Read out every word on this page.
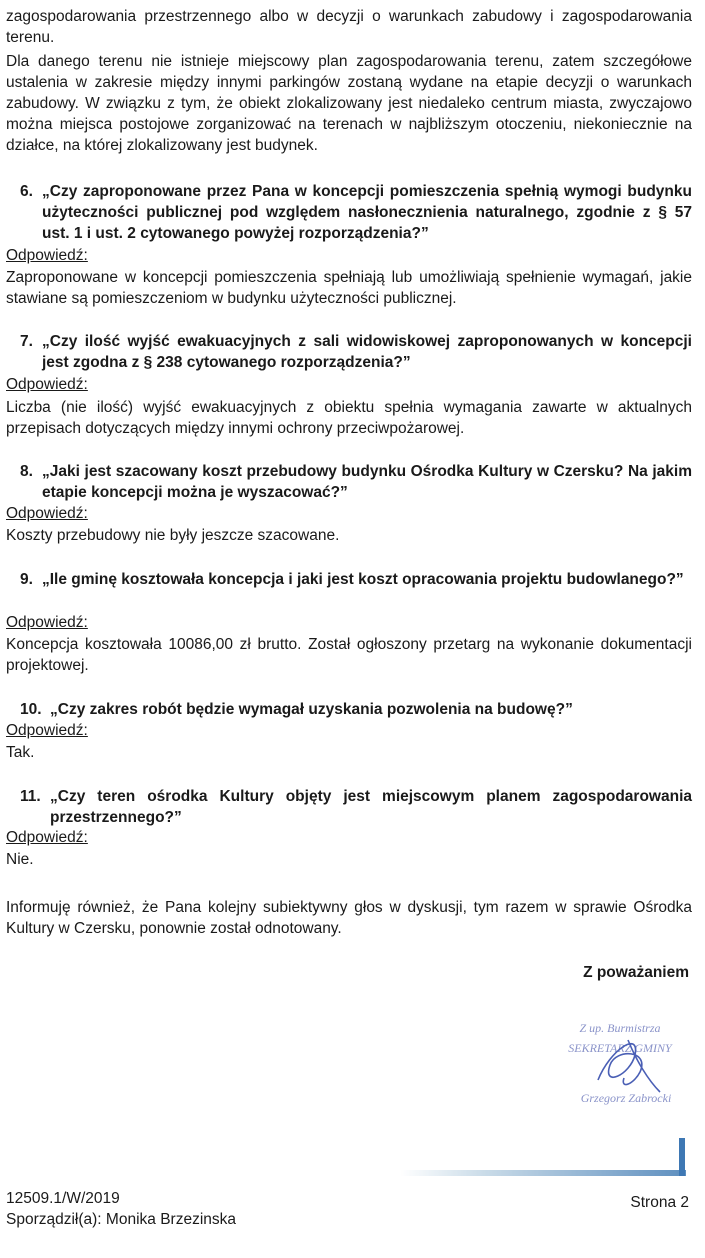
zagospodarowania przestrzennego albo w decyzji o warunkach zabudowy i zagospodarowania terenu.
Dla danego terenu nie istnieje miejscowy plan zagospodarowania terenu, zatem szczegółowe ustalenia w zakresie między innymi parkingów zostaną wydane na etapie decyzji o warunkach zabudowy. W związku z tym, że obiekt zlokalizowany jest niedaleko centrum miasta, zwyczajowo można miejsca postojowe zorganizować na terenach w najbliższym otoczeniu, niekoniecznie na działce, na której zlokalizowany jest budynek.
6. „Czy zaproponowane przez Pana w koncepcji pomieszczenia spełnią wymogi budynku użyteczności publicznej pod względem nasłonecznienia naturalnego, zgodnie z § 57 ust. 1 i ust. 2 cytowanego powyżej rozporządzenia?”
Odpowiedź:
Zaproponowane w koncepcji pomieszczenia spełniają lub umożliwiają spełnienie wymagań, jakie stawiane są pomieszczeniom w budynku użyteczności publicznej.
7. „Czy ilość wyjść ewakuacyjnych z sali widowiskowej zaproponowanych w koncepcji jest zgodna z § 238 cytowanego rozporządzenia?”
Odpowiedź:
Liczba (nie ilość) wyjść ewakuacyjnych z obiektu spełnia wymagania zawarte w aktualnych przepisach dotyczących między innymi ochrony przeciwpożarowej.
8. „Jaki jest szacowany koszt przebudowy budynku Ośrodka Kultury w Czersku? Na jakim etapie koncepcji można je wyszacować?”
Odpowiedź:
Koszty przebudowy nie były jeszcze szacowane.
9. „Ile gminę kosztowała koncepcja i jaki jest koszt opracowania projektu budowlanego?”
Odpowiedź:
Koncepcja kosztowała 10086,00 zł brutto. Został ogłoszony przetarg na wykonanie dokumentacji projektowej.
10. „Czy zakres robót będzie wymagał uzyskania pozwolenia na budowę?”
Odpowiedź:
Tak.
11. „Czy teren ośrodka Kultury objęty jest miejscowym planem zagospodarowania przestrzennego?”
Odpowiedź:
Nie.
Informuję również, że Pana kolejny subiektywny głos w dyskusji, tym razem w sprawie Ośrodka Kultury w Czersku, ponownie został odnotowany.
Z poważaniem
Z up. Burmistrza
SEKRETARZ GMINY
Grzegorz Zabrocki
12509.1/W/2019
Sporządził(a): Monika Brzezinska
Strona 2
